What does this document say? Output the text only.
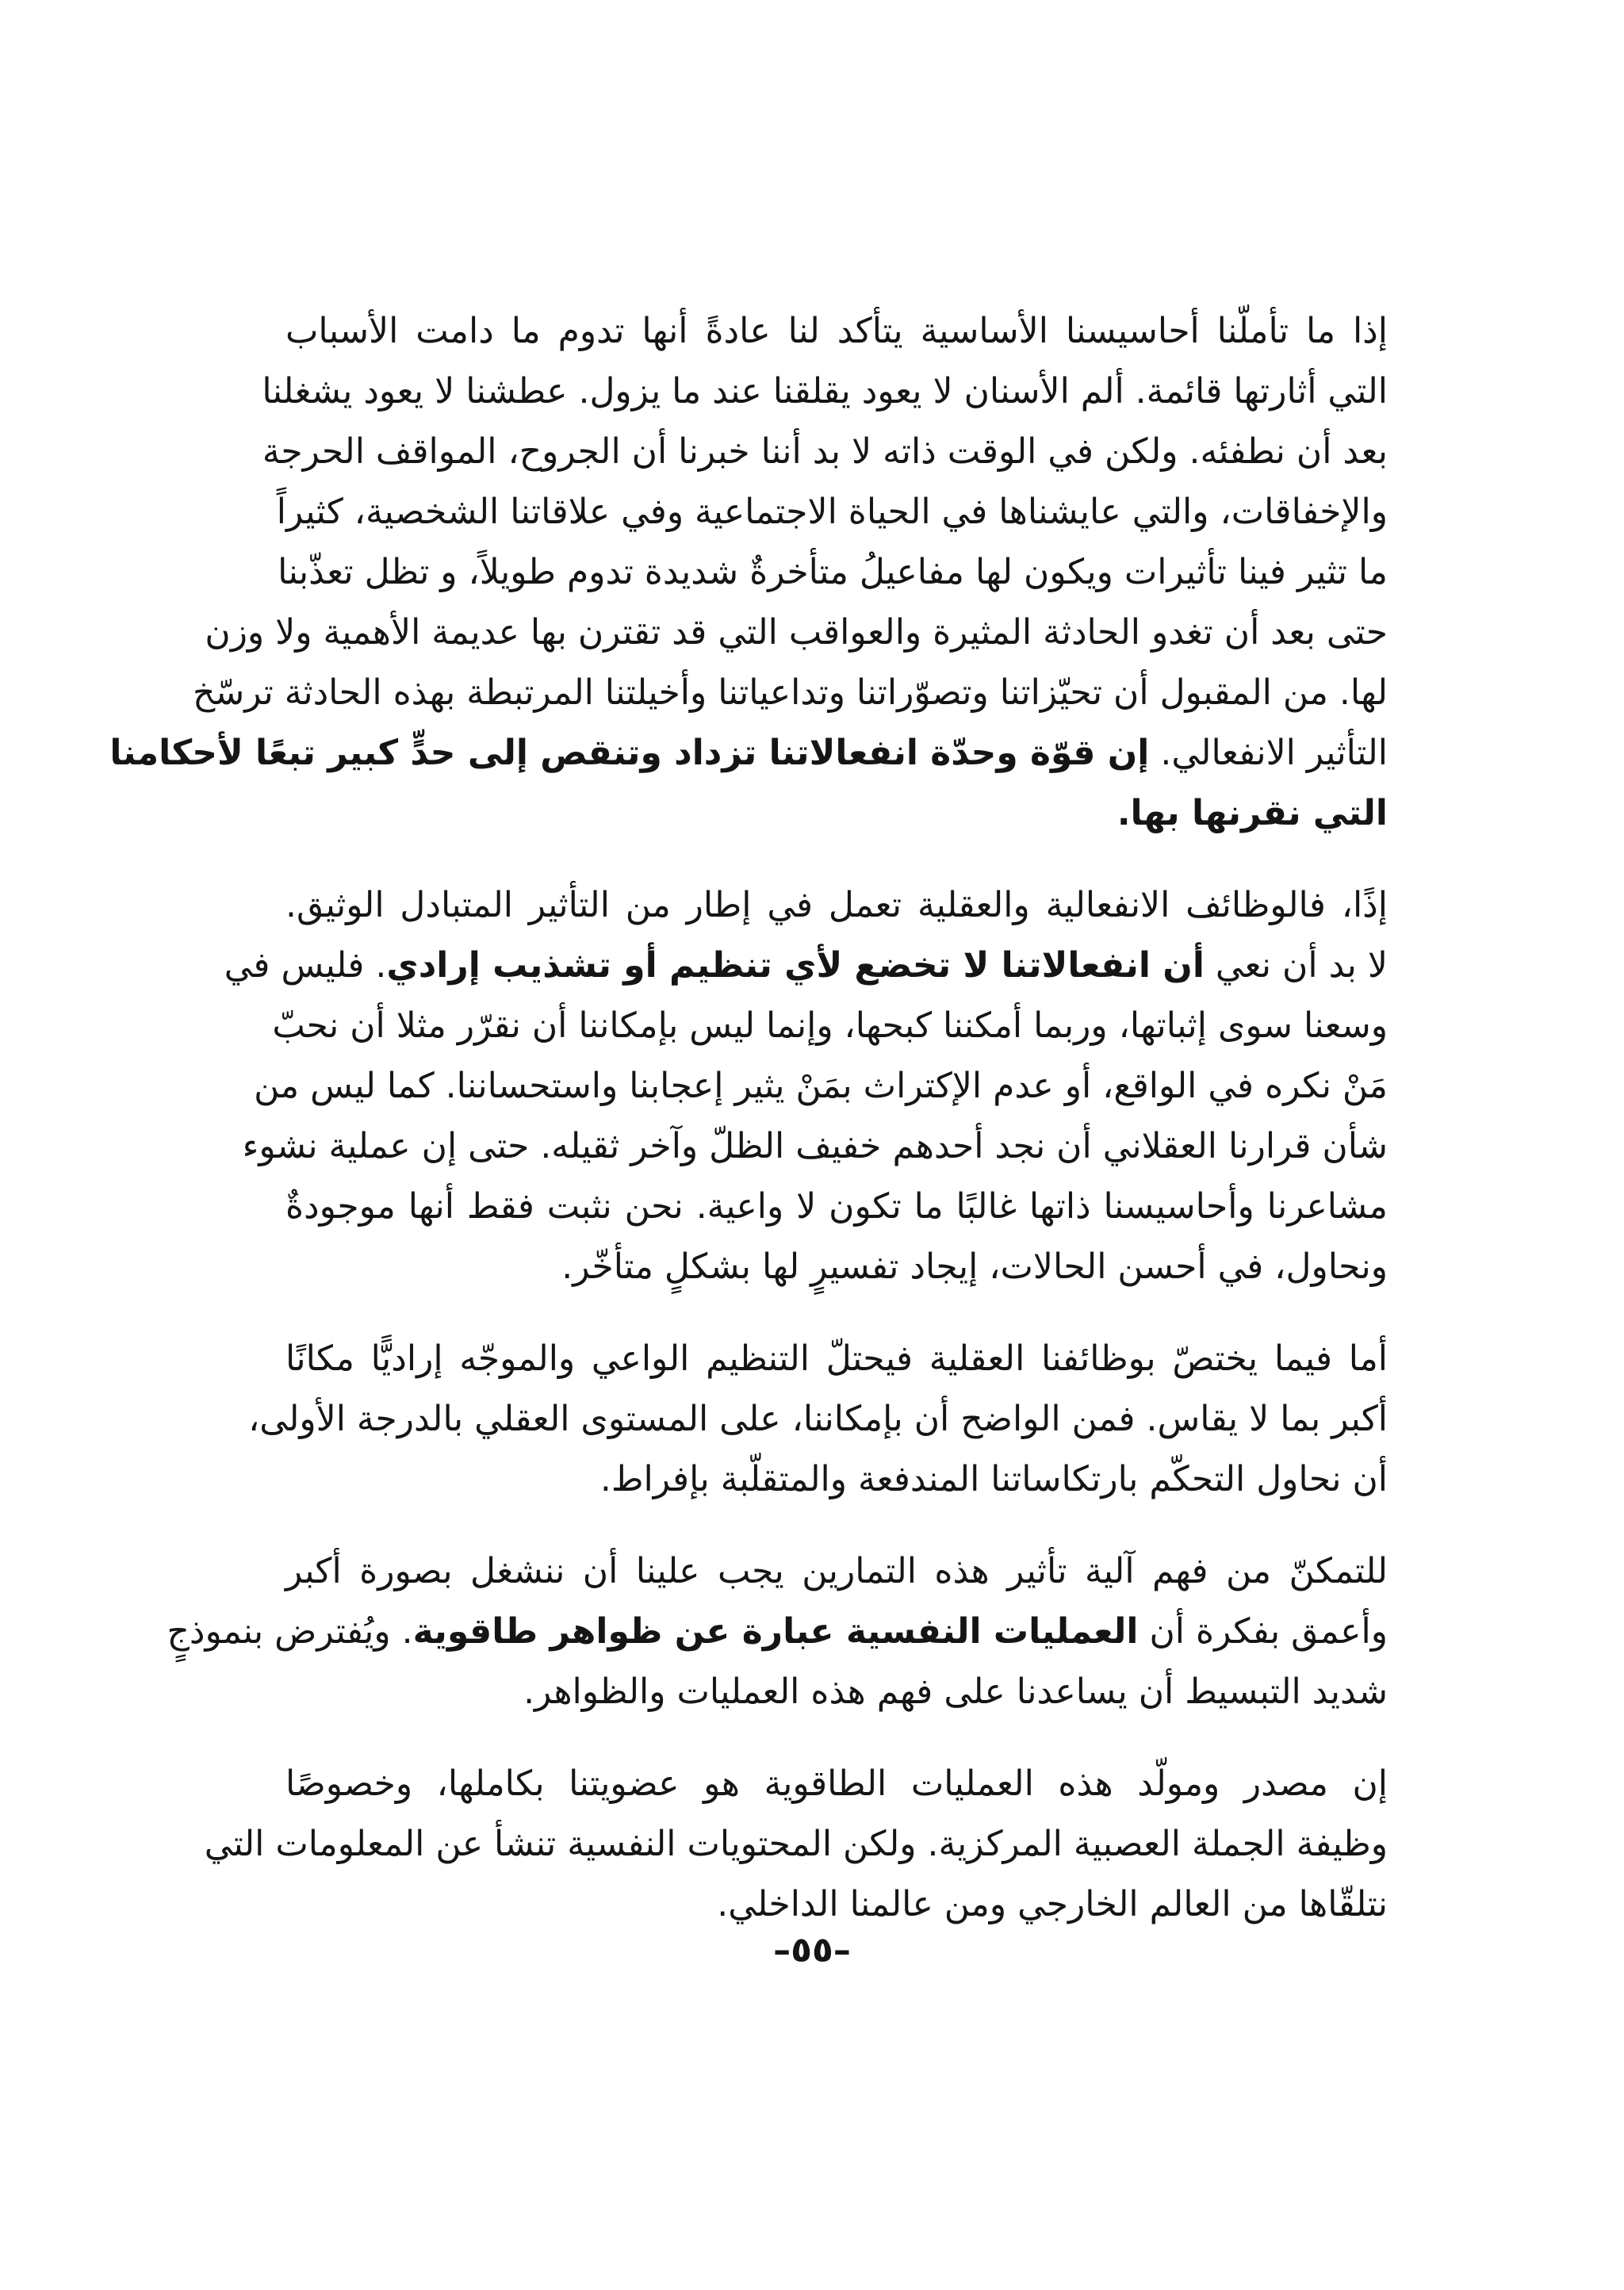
إذا ما تأملّنا أحاسيسنا الأساسية يتأكد لنا عادةً أنها تدوم ما دامت الأسباب
التي أثارتها قائمة. ألم الأسنان لا يعود يقلقنا عند ما يزول. عطشنا لا يعود يشغلنا
بعد أن نطفئه. ولكن في الوقت ذاته لا بد أننا خبرنا أن الجروح، المواقف الحرجة
والإخفاقات، والتي عايشناها في الحياة الاجتماعية وفي علاقاتنا الشخصية، كثيراً
ما تثير فينا تأثيرات ويكون لها مفاعيلُ متأخرةٌ شديدة تدوم طويلاً، و تظل تعذّبنا
حتى بعد أن تغدو الحادثة المثيرة والعواقب التي قد تقترن بها عديمة الأهمية ولا وزن
لها. من المقبول أن تحيّزاتنا وتصوّراتنا وتداعياتنا وأخيلتنا المرتبطة بهذه الحادثة ترسّخ
التأثير الانفعالي. إن قوّة وحدّة انفعالاتنا تزداد وتنقص إلى حدٍّ كبير تبعًا لأحكامنا
التي نقرنها بها.

إذًا، فالوظائف الانفعالية والعقلية تعمل في إطار من التأثير المتبادل الوثيق.
لا بد أن نعي أن انفعالاتنا لا تخضع لأي تنظيم أو تشذيب إرادي. فليس في
وسعنا سوى إثباتها، وربما أمكننا كبحها، وإنما ليس بإمكاننا أن نقرّر مثلا أن نحبّ
مَنْ نكره في الواقع، أو عدم الإكتراث بمَنْ يثير إعجابنا واستحساننا. كما ليس من
شأن قرارنا العقلاني أن نجد أحدهم خفيف الظلّ وآخر ثقيله. حتى إن عملية نشوء
مشاعرنا وأحاسيسنا ذاتها غالبًا ما تكون لا واعية. نحن نثبت فقط أنها موجودةٌ
ونحاول، في أحسن الحالات، إيجاد تفسيرٍ لها بشكلٍ متأخّر.

أما فيما يختصّ بوظائفنا العقلية فيحتلّ التنظيم الواعي والموجّه إراديًّا مكانًا
أكبر بما لا يقاس. فمن الواضح أن بإمكاننا، على المستوى العقلي بالدرجة الأولى،
أن نحاول التحكّم بارتكاساتنا المندفعة والمتقلّبة بإفراط.

للتمكنّ من فهم آلية تأثير هذه التمارين يجب علينا أن ننشغل بصورة أكبر
وأعمق بفكرة أن العمليات النفسية عبارة عن ظواهر طاقوية. ويُفترض بنموذجٍ
شديد التبسيط أن يساعدنا على فهم هذه العمليات والظواهر.

إن مصدر ومولّد هذه العمليات الطاقوية هو عضويتنا بكاملها، وخصوصًا
وظيفة الجملة العصبية المركزية. ولكن المحتويات النفسية تنشأ عن المعلومات التي
نتلقّاها من العالم الخارجي ومن عالمنا الداخلي.

–٥٥–
